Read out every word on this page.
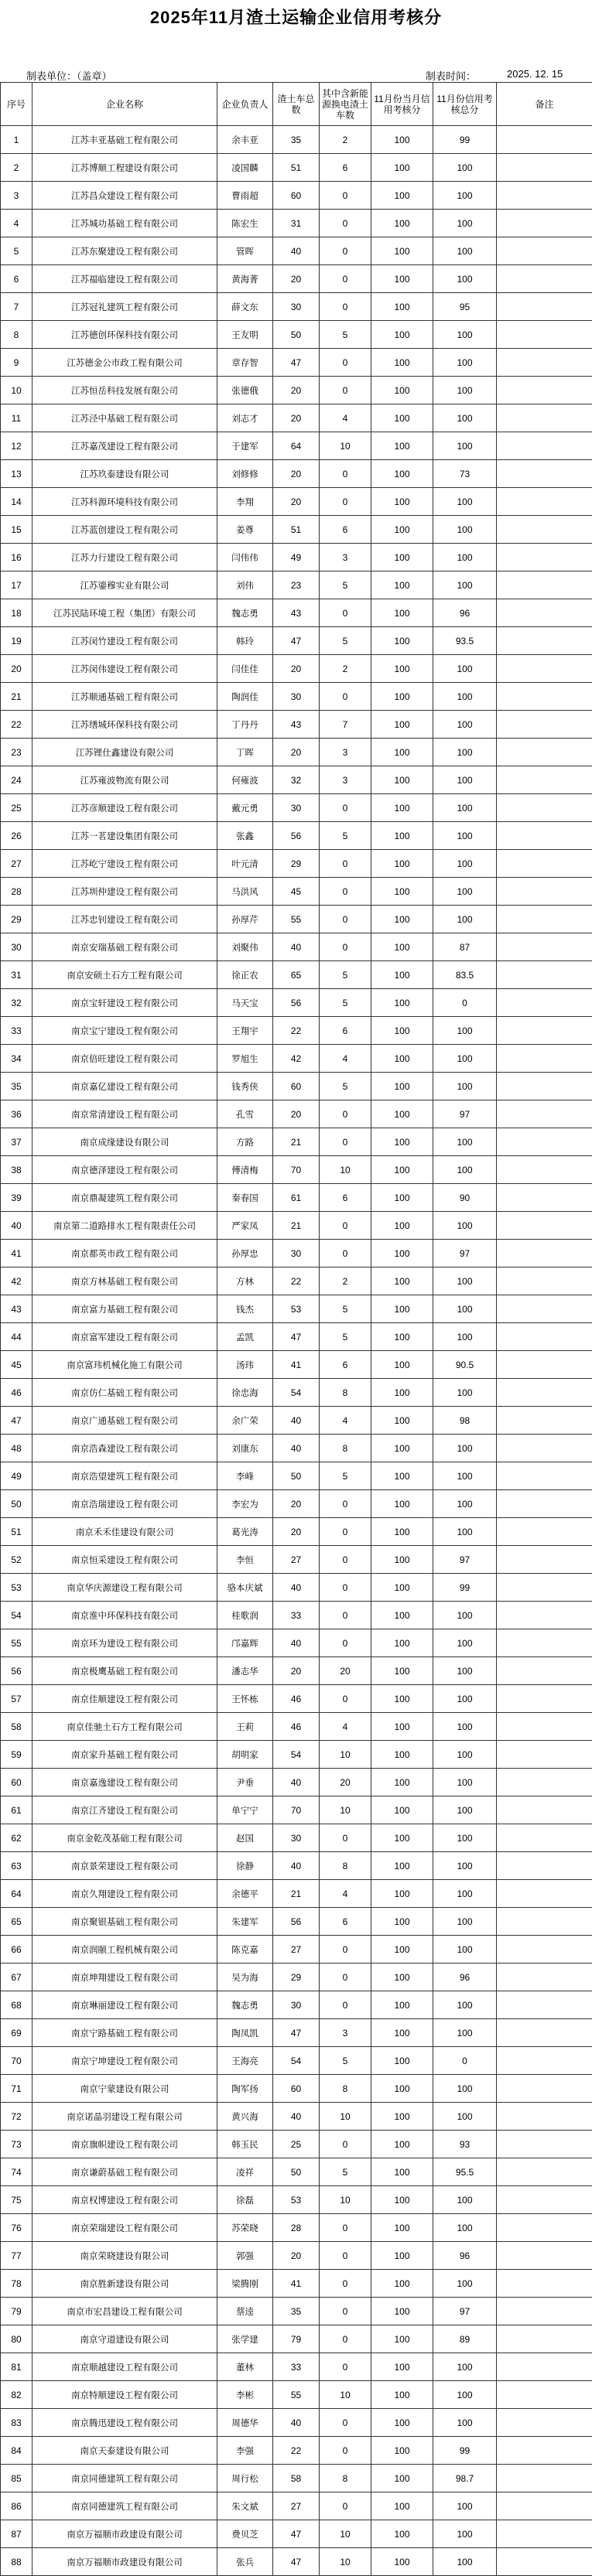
2025年11月渣土运输企业信用考核分
制表单位：（盖章）	制表时间：	2025. 12. 15
序号	企业名称	企业负责人	渣土车总数	其中含新能源换电渣土车数	11月份当月信用考核分	11月份信用考核总分	备注
1	江苏丰亚基础工程有限公司	余丰亚	35	2	100	99	
2	江苏博顺工程建设有限公司	凌国麟	51	6	100	100	
3	江苏昌众建设工程有限公司	曹雨超	60	0	100	100	
4	江苏城功基础工程有限公司	陈宏生	31	0	100	100	
5	江苏东聚建设工程有限公司	管晖	40	0	100	100	
6	江苏福临建设工程有限公司	黄海菁	20	0	100	100	
7	江苏冠礼建筑工程有限公司	薛文东	30	0	100	95	
8	江苏德创环保科技有限公司	王友明	50	5	100	100	
9	江苏德金公市政工程有限公司	章存智	47	0	100	100	
10	江苏恒岳科技发展有限公司	张德俄	20	0	100	100	
11	江苏泾中基础工程有限公司	刘志才	20	4	100	100	
12	江苏嘉茂建设工程有限公司	于建军	64	10	100	100	
13	江苏玖泰建设有限公司	刘修修	20	0	100	73	
14	江苏科源环境科技有限公司	李翔	20	0	100	100	
15	江苏蓝创建设工程有限公司	姜尊	51	6	100	100	
16	江苏力行建设工程有限公司	闫伟伟	49	3	100	100	
17	江苏鎏穆实业有限公司	刘伟	23	5	100	100	
18	江苏民陆环境工程（集团）有限公司	魏志勇	43	0	100	96	
19	江苏闵竹建设工程有限公司	韩玲	47	5	100	93.5	
20	江苏闵伟建设工程有限公司	闫佳佳	20	2	100	100	
21	江苏顺通基础工程有限公司	陶润佳	30	0	100	100	
22	江苏缮城环保科技有限公司	丁丹丹	43	7	100	100	
23	江苏锂仕鑫建设有限公司	丁晖	20	3	100	100	
24	江苏雍波物流有限公司	何雍波	32	3	100	100	
25	江苏彦顺建设工程有限公司	戴元勇	30	0	100	100	
26	江苏一茗建设集团有限公司	张鑫	56	5	100	100	
27	江苏屹宁建设工程有限公司	叶元清	29	0	100	100	
28	江苏圳仲建设工程有限公司	马洪风	45	0	100	100	
29	江苏忠钊建设工程有限公司	孙厚芹	55	0	100	100	
30	南京安瑞基础工程有限公司	刘聚伟	40	0	100	87	
31	南京安硕土石方工程有限公司	徐正农	65	5	100	83.5	
32	南京宝轩建设工程有限公司	马天宝	56	5	100	0	
33	南京宝宁建设工程有限公司	王翔宇	22	6	100	100	
34	南京倍旺建设工程有限公司	罗旭生	42	4	100	100	
35	南京嘉亿建设工程有限公司	钱秀侠	60	5	100	100	
36	南京常清建设工程有限公司	孔雪	20	0	100	97	
37	南京成缘建设有限公司	方路	21	0	100	100	
38	南京德泽建设工程有限公司	傅清梅	70	10	100	100	
39	南京鼎凝建筑工程有限公司	秦春国	61	6	100	90	
40	南京第二道路排水工程有限责任公司	严家凤	21	0	100	100	
41	南京都英市政工程有限公司	孙厚忠	30	0	100	97	
42	南京方林基础工程有限公司	方林	22	2	100	100	
43	南京富力基础工程有限公司	钱杰	53	5	100	100	
44	南京富军建设工程有限公司	孟凯	47	5	100	100	
45	南京富玮机械化施工有限公司	汤玮	41	6	100	90.5	
46	南京仿仁基础工程有限公司	徐忠海	54	8	100	100	
47	南京广通基础工程有限公司	余广荣	40	4	100	98	
48	南京浩森建设工程有限公司	刘康东	40	8	100	100	
49	南京浩望建筑工程有限公司	李峰	50	5	100	100	
50	南京浩瑞建设工程有限公司	李宏为	20	0	100	100	
51	南京禾禾佳建设有限公司	葛光涛	20	0	100	100	
52	南京恒采建设工程有限公司	李恒	27	0	100	97	
53	南京华庆源建设工程有限公司	骆本庆斌	40	0	100	99	
54	南京淮中环保科技有限公司	桂歌润	33	0	100	100	
55	南京环为建设工程有限公司	邝嘉辉	40	0	100	100	
56	南京极鹰基础工程有限公司	潘志华	20	20	100	100	
57	南京佳顺建设工程有限公司	王怀栋	46	0	100	100	
58	南京佳驰土石方工程有限公司	王莉	46	4	100	100	
59	南京家升基础工程有限公司	胡明家	54	10	100	100	
60	南京嘉逸建设工程有限公司	尹垂	40	20	100	100	
61	南京江齐建设工程有限公司	单宁宁	70	10	100	100	
62	南京金乾茂基础工程有限公司	赵国	30	0	100	100	
63	南京景荣建设工程有限公司	徐静	40	8	100	100	
64	南京久翔建设工程有限公司	余德平	21	4	100	100	
65	南京聚银基础工程有限公司	朱建军	56	6	100	100	
66	南京润颐工程机械有限公司	陈克嘉	27	0	100	100	
67	南京坤翔建设工程有限公司	吴为海	29	0	100	96	
68	南京琳丽建设工程有限公司	魏志勇	30	0	100	100	
69	南京宁路基础工程有限公司	陶凤凯	47	3	100	100	
70	南京宁坤建设工程有限公司	王海亮	54	5	100	0	
71	南京宁蒙建设有限公司	陶军扬	60	8	100	100	
72	南京诺晶羽建设工程有限公司	黄兴海	40	10	100	100	
73	南京旗帜建设工程有限公司	韩玉民	25	0	100	93	
74	南京谦蔚基础工程有限公司	凌祥	50	5	100	95.5	
75	南京权博建设工程有限公司	徐磊	53	10	100	100	
76	南京荣瑞建设工程有限公司	苏荣晓	28	0	100	100	
77	南京荣晓建设有限公司	郭强	20	0	100	96	
78	南京胜新建设有限公司	梁腾刚	41	0	100	100	
79	南京市宏昌建设工程有限公司	蔡逵	35	0	100	97	
80	南京守道建设有限公司	张学建	79	0	100	89	
81	南京顺越建设工程有限公司	董林	33	0	100	100	
82	南京特顺建设工程有限公司	李彬	55	10	100	100	
83	南京腾迅建设工程有限公司	周德华	40	0	100	100	
84	南京天泰建设有限公司	李强	22	0	100	99	
85	南京同德建筑工程有限公司	周行松	58	8	100	98.7	
86	南京同德建筑工程有限公司	朱文斌	27	0	100	100	
87	南京万福顺市政建设有限公司	费贝芝	47	10	100	100	
88	南京万福顺市政建设有限公司	张兵	47	10	100	100	
